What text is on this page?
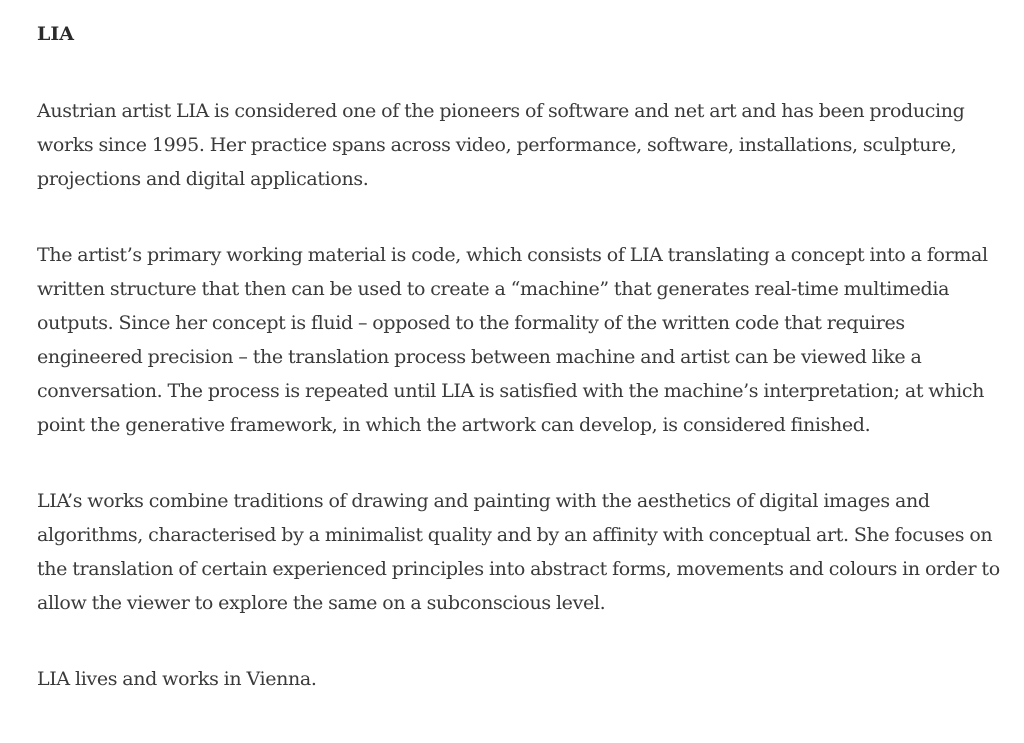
LIA

Austrian artist LIA is considered one of the pioneers of software and net art and has been producing works since 1995. Her practice spans across video, performance, software, installations, sculpture, projections and digital applications.

The artist’s primary working material is code, which consists of LIA translating a concept into a formal written structure that then can be used to create a “machine” that generates real-time multimedia outputs. Since her concept is fluid – opposed to the formality of the written code that requires engineered precision – the translation process between machine and artist can be viewed like a conversation. The process is repeated until LIA is satisfied with the machine’s interpretation; at which point the generative framework, in which the artwork can develop, is considered finished.

LIA’s works combine traditions of drawing and painting with the aesthetics of digital images and algorithms, characterised by a minimalist quality and by an affinity with conceptual art. She focuses on the translation of certain experienced principles into abstract forms, movements and colours in order to allow the viewer to explore the same on a subconscious level.

LIA lives and works in Vienna.
